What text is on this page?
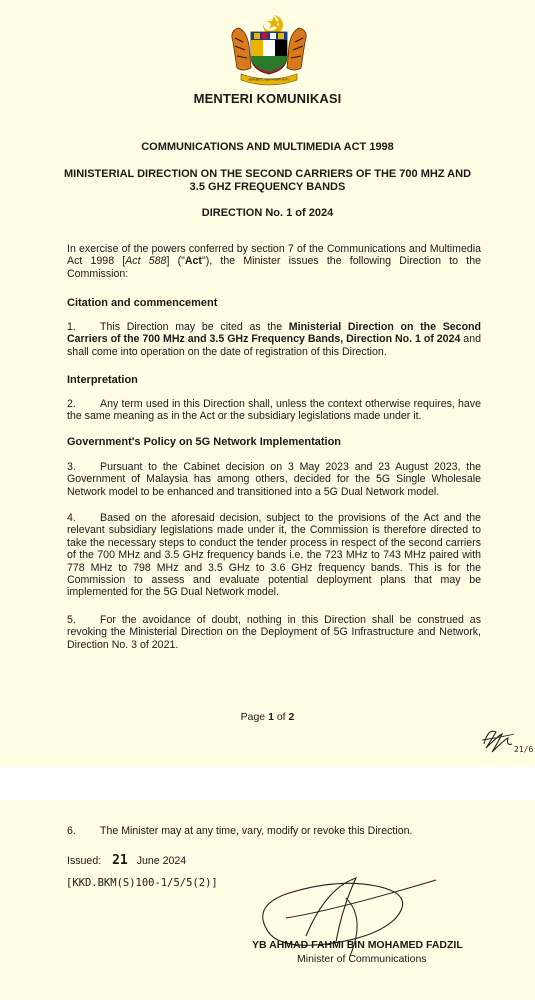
BERSEKUTU BERTAMBAH MUTU
MENTERI KOMUNIKASI
COMMUNICATIONS AND MULTIMEDIA ACT 1998
MINISTERIAL DIRECTION ON THE SECOND CARRIERS OF THE 700 MHZ AND
3.5 GHZ FREQUENCY BANDS
DIRECTION No. 1 of 2024
In exercise of the powers conferred by section 7 of the Communications and Multimedia Act 1998 [Act 588] ("Act"), the Minister issues the following Direction to the Commission:
Citation and commencement
1. This Direction may be cited as the Ministerial Direction on the Second Carriers of the 700 MHz and 3.5 GHz Frequency Bands, Direction No. 1 of 2024 and shall come into operation on the date of registration of this Direction.
Interpretation
2. Any term used in this Direction shall, unless the context otherwise requires, have the same meaning as in the Act or the subsidiary legislations made under it.
Government's Policy on 5G Network Implementation
3. Pursuant to the Cabinet decision on 3 May 2023 and 23 August 2023, the Government of Malaysia has among others, decided for the 5G Single Wholesale Network model to be enhanced and transitioned into a 5G Dual Network model.
4. Based on the aforesaid decision, subject to the provisions of the Act and the relevant subsidiary legislations made under it, the Commission is therefore directed to take the necessary steps to conduct the tender process in respect of the second carriers of the 700 MHz and 3.5 GHz frequency bands i.e. the 723 MHz to 743 MHz paired with 778 MHz to 798 MHz and 3.5 GHz to 3.6 GHz frequency bands. This is for the Commission to assess and evaluate potential deployment plans that may be implemented for the 5G Dual Network model.
5. For the avoidance of doubt, nothing in this Direction shall be construed as revoking the Ministerial Direction on the Deployment of 5G Infrastructure and Network, Direction No. 3 of 2021.
Page 1 of 2
21/6
6. The Minister may at any time, vary, modify or revoke this Direction.
Issued: 21 June 2024
[KKD.BKM(S)100-1/5/5(2)]
YB AHMAD FAHMI BIN MOHAMED FADZIL
Minister of Communications
